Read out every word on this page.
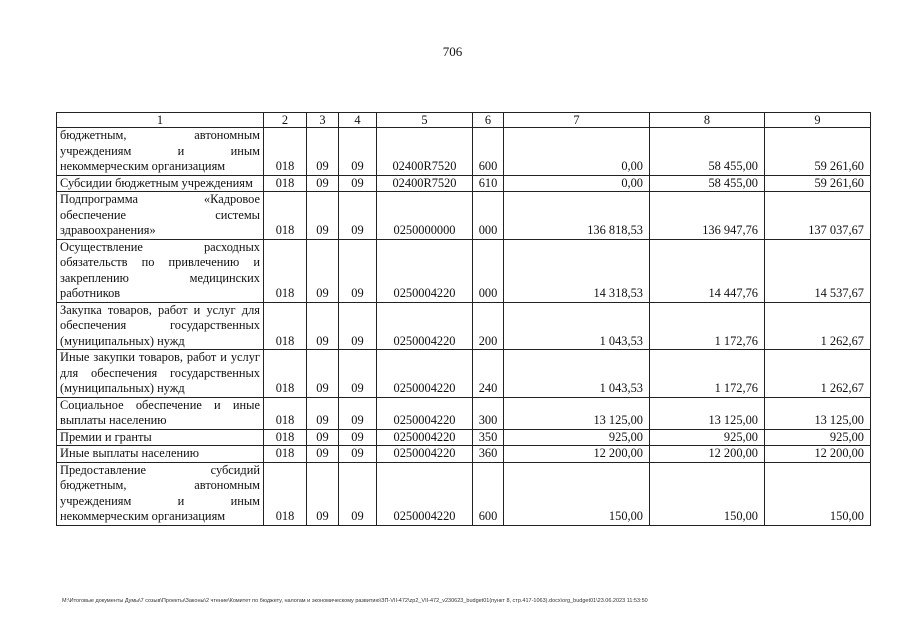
706
1	2	3	4	5	6	7	8	9
бюджетным, автономным учреждениям и иным некоммерческим организациям	018	09	09	02400R7520	600	0,00	58 455,00	59 261,60
Субсидии бюджетным учреждениям	018	09	09	02400R7520	610	0,00	58 455,00	59 261,60
Подпрограмма «Кадровое обеспечение системы здравоохранения»	018	09	09	0250000000	000	136 818,53	136 947,76	137 037,67
Осуществление расходных обязательств по привлечению и закреплению медицинских работников	018	09	09	0250004220	000	14 318,53	14 447,76	14 537,67
Закупка товаров, работ и услуг для обеспечения государственных (муниципальных) нужд	018	09	09	0250004220	200	1 043,53	1 172,76	1 262,67
Иные закупки товаров, работ и услуг для обеспечения государственных (муниципальных) нужд	018	09	09	0250004220	240	1 043,53	1 172,76	1 262,67
Социальное обеспечение и иные выплаты населению	018	09	09	0250004220	300	13 125,00	13 125,00	13 125,00
Премии и гранты	018	09	09	0250004220	350	925,00	925,00	925,00
Иные выплаты населению	018	09	09	0250004220	360	12 200,00	12 200,00	12 200,00
Предоставление субсидий бюджетным, автономным учреждениям и иным некоммерческим организациям	018	09	09	0250004220	600	150,00	150,00	150,00
M:\Итоговые документы Думы\7 созыв\Проекты\Законы\2 чтение\Комитет по бюджету, налогам и экономическому развитию\ЗП-VII-472\zp2_VII-472_v230623_budget01(пункт 8, стр.417-1063).docx\org_budget01\23.06.2023 11:53:50
